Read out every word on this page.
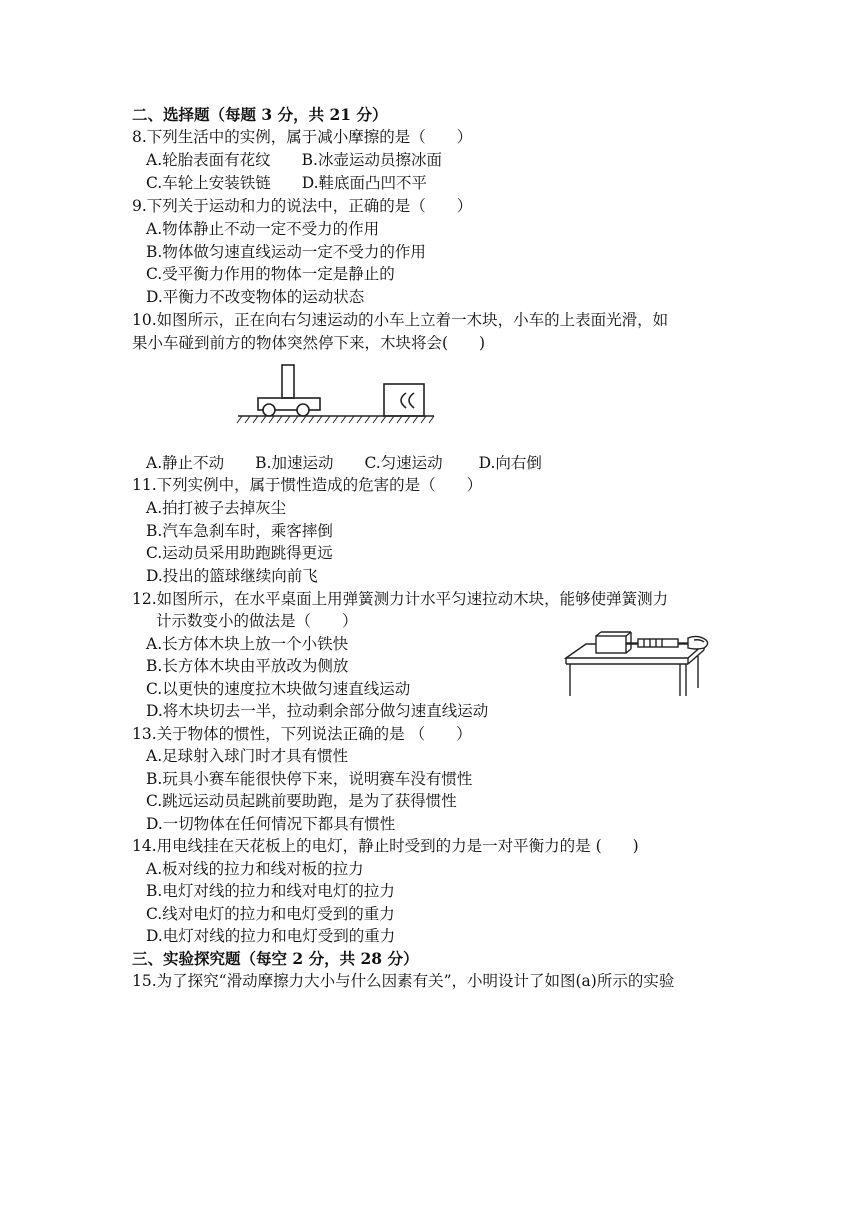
二、选择题（每题 3 分，共 21 分）
8.下列生活中的实例，属于减小摩擦的是（　　）
A.轮胎表面有花纹　　B.冰壶运动员擦冰面
C.车轮上安装铁链　　D.鞋底面凸凹不平
9.下列关于运动和力的说法中，正确的是（　　）
A.物体静止不动一定不受力的作用
B.物体做匀速直线运动一定不受力的作用
C.受平衡力作用的物体一定是静止的
D.平衡力不改变物体的运动状态
10.如图所示，正在向右匀速运动的小车上立着一木块，小车的上表面光滑，如
果小车碰到前方的物体突然停下来，木块将会(　　)
A.静止不动　　B.加速运动　　C.匀速运动　　 D.向右倒
11.下列实例中，属于惯性造成的危害的是（　　）
A.拍打被子去掉灰尘
B.汽车急刹车时，乘客摔倒
C.运动员采用助跑跳得更远
D.投出的篮球继续向前飞
12.如图所示，在水平桌面上用弹簧测力计水平匀速拉动木块，能够使弹簧测力
计示数变小的做法是（　　）
A.长方体木块上放一个小铁快
B.长方体木块由平放改为侧放
C.以更快的速度拉木块做匀速直线运动
D.将木块切去一半，拉动剩余部分做匀速直线运动
13.关于物体的惯性，下列说法正确的是 （　　）
A.足球射入球门时才具有惯性
B.玩具小赛车能很快停下来，说明赛车没有惯性
C.跳远运动员起跳前要助跑，是为了获得惯性
D.一切物体在任何情况下都具有惯性
14.用电线挂在天花板上的电灯，静止时受到的力是一对平衡力的是 (　　)
A.板对线的拉力和线对板的拉力
B.电灯对线的拉力和线对电灯的拉力
C.线对电灯的拉力和电灯受到的重力
D.电灯对线的拉力和电灯受到的重力
三、实验探究题（每空 2 分，共 28 分）
15.为了探究“滑动摩擦力大小与什么因素有关”，小明设计了如图(a)所示的实验
